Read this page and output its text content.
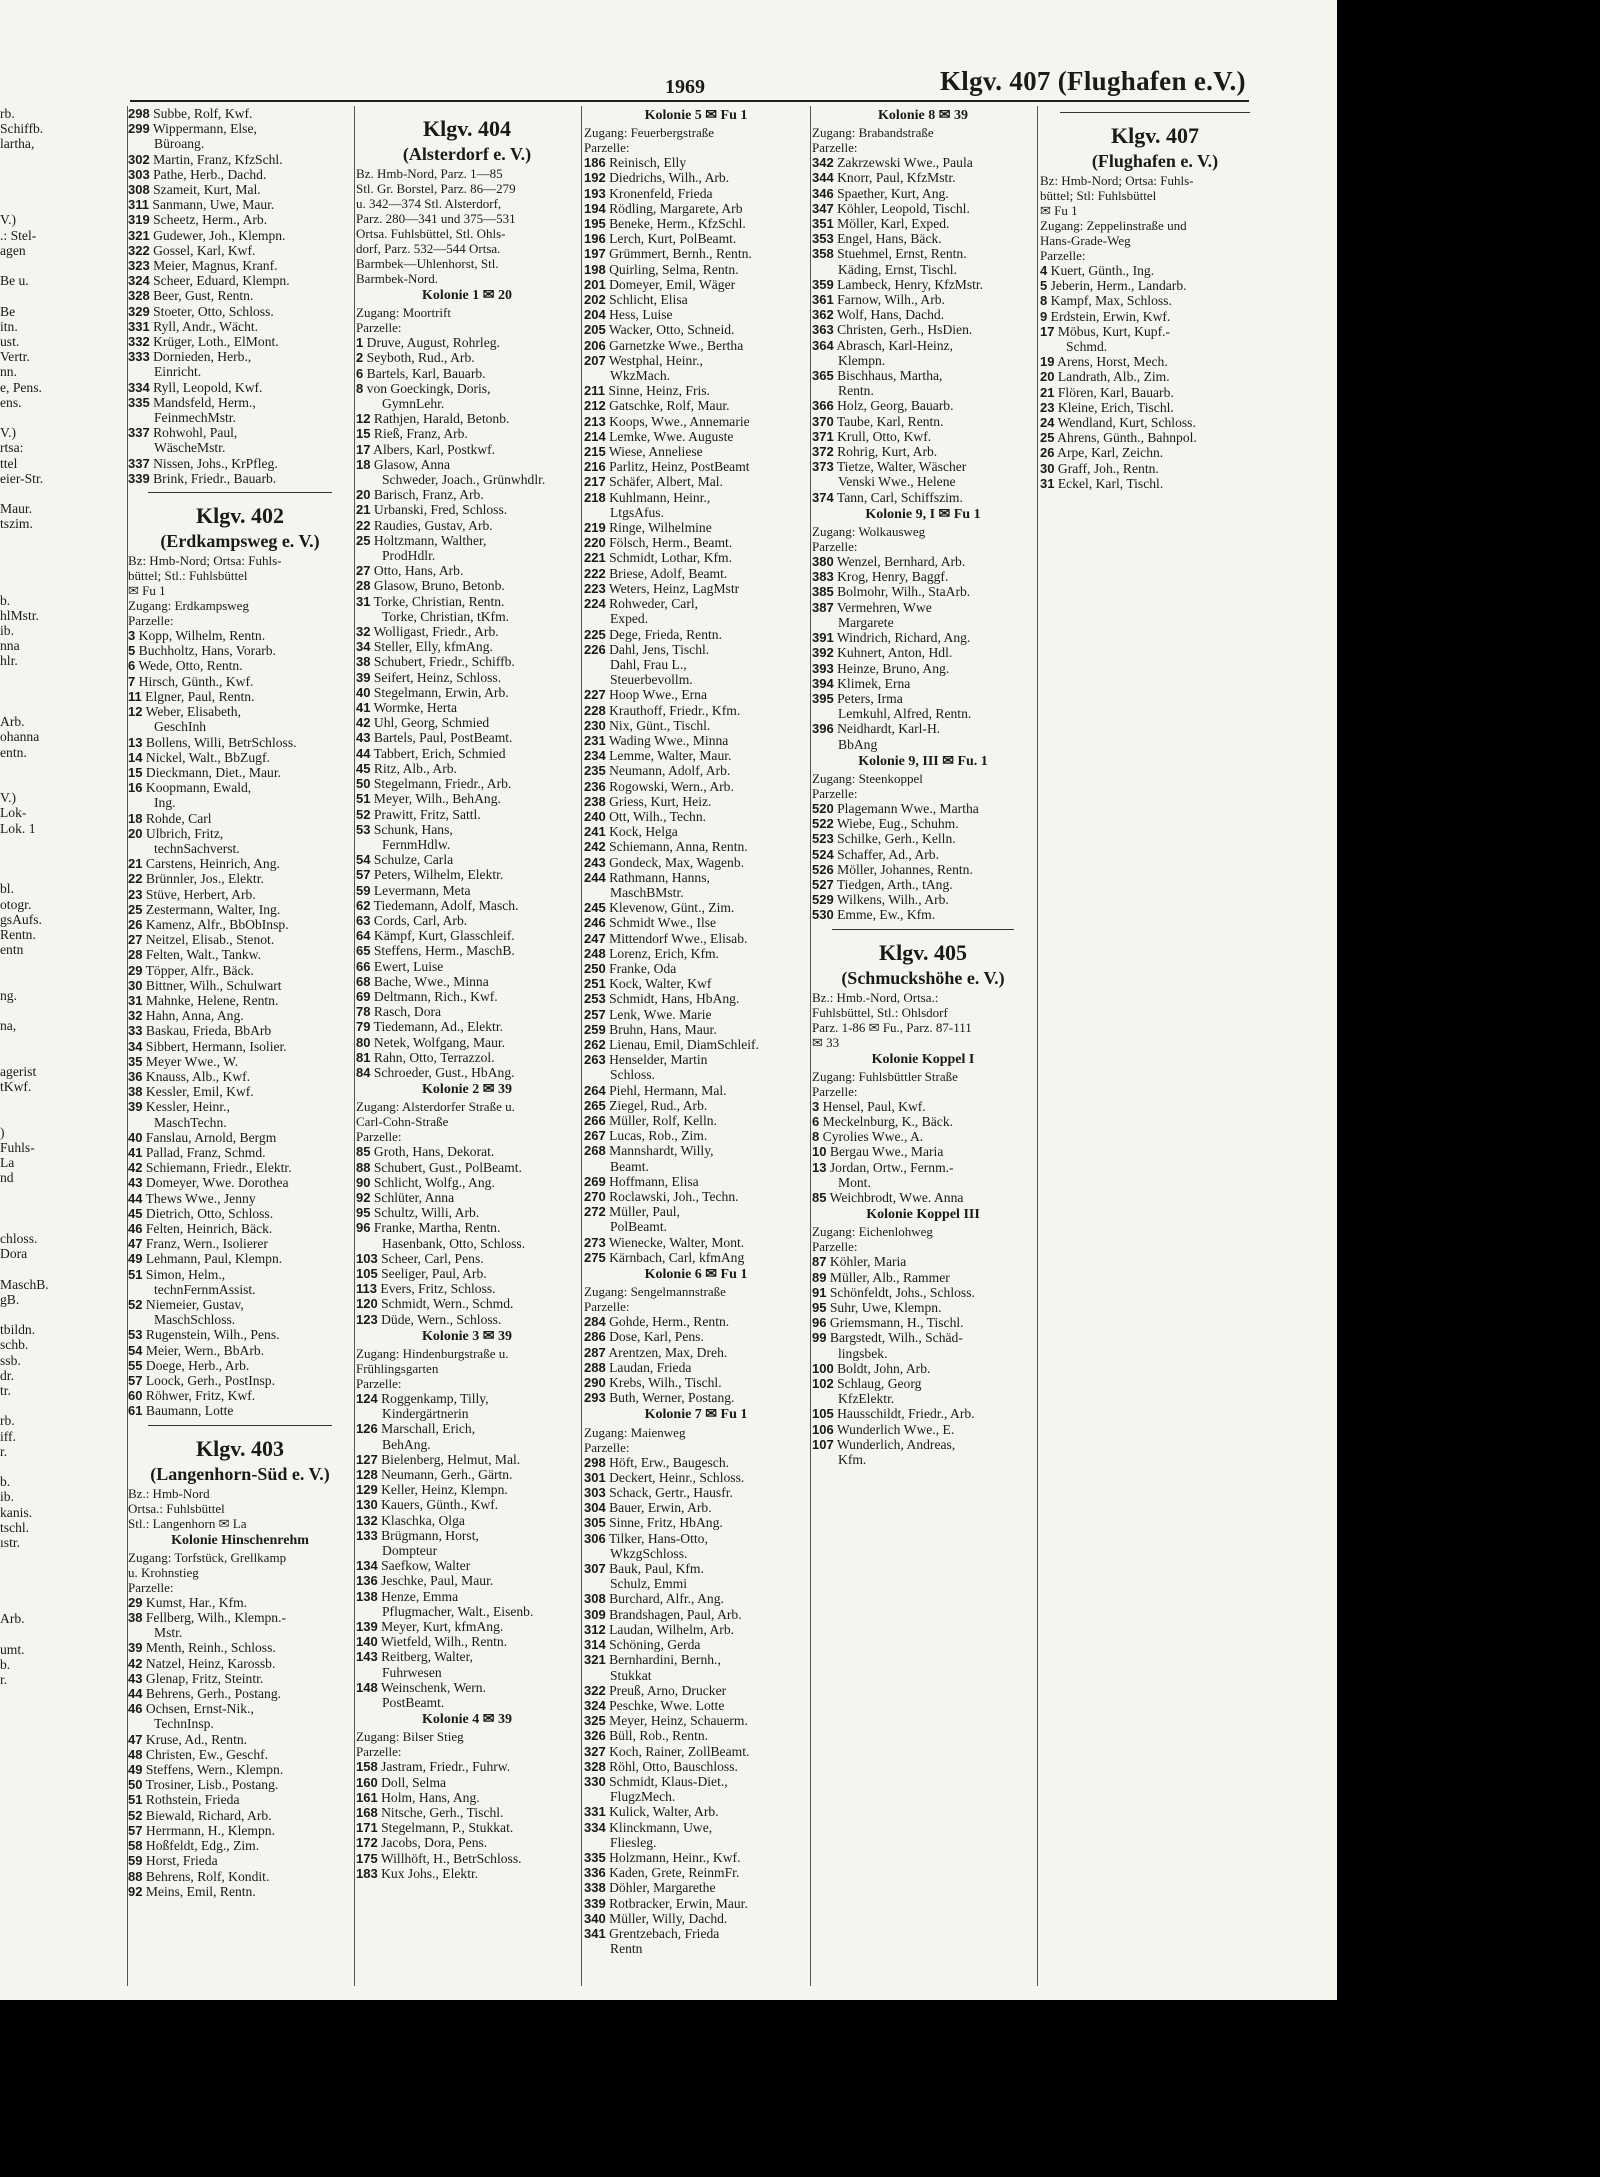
1969	Klgv. 407 (Flughafen e.V.)
rb.
Schiffb.
lartha,

V.)
.: Stel-
agen

Be u.

Be
itn.
ust.
Vertr.
nn.
e, Pens.
ens.

V.)
rtsa:
ttel
eier-Str.

Maur.
tszim.

b.
hlMstr.
ib.
nna
hlr.

Arb.
ohanna
entn.

V.)
Lok-
Lok. 1

bl.
otogr.
gsAufs.
Rentn.
entn

ng.

na,

agerist
tKwf.

)
Fuhls-
La
nd

chloss.
Dora

MaschB.
gB.

tbildn.
schb.
ssb.
dr.
tr.

rb.
iff.
r.

b.
ib.
kanis.
tschl.
ıstr.

Arb.

umt.
b.
r.
298 Subbe, Rolf, Kwf.
299 Wippermann, Else,
Büroang.
302 Martin, Franz, KfzSchl.
303 Pathe, Herb., Dachd.
308 Szameit, Kurt, Mal.
311 Sanmann, Uwe, Maur.
319 Scheetz, Herm., Arb.
321 Gudewer, Joh., Klempn.
322 Gossel, Karl, Kwf.
323 Meier, Magnus, Kranf.
324 Scheer, Eduard, Klempn.
328 Beer, Gust, Rentn.
329 Stoeter, Otto, Schloss.
331 Ryll, Andr., Wächt.
332 Krüger, Loth., ElMont.
333 Dornieden, Herb.,
Einricht.
334 Ryll, Leopold, Kwf.
335 Mandsfeld, Herm.,
FeinmechMstr.
337 Rohwohl, Paul,
WäscheMstr.
337 Nissen, Johs., KrPfleg.
339 Brink, Friedr., Bauarb.
Klgv. 402
(Erdkampsweg e. V.)
Bz: Hmb-Nord; Ortsa: Fuhls-
büttel; Stl.: Fuhlsbüttel
✉ Fu 1
Zugang: Erdkampsweg
Parzelle:
3 Kopp, Wilhelm, Rentn.
5 Buchholtz, Hans, Vorarb.
6 Wede, Otto, Rentn.
7 Hirsch, Günth., Kwf.
11 Elgner, Paul, Rentn.
12 Weber, Elisabeth,
GeschInh
13 Bollens, Willi, BetrSchloss.
14 Nickel, Walt., BbZugf.
15 Dieckmann, Diet., Maur.
16 Koopmann, Ewald,
Ing.
18 Rohde, Carl
20 Ulbrich, Fritz,
technSachverst.
21 Carstens, Heinrich, Ang.
22 Brünnler, Jos., Elektr.
23 Stüve, Herbert, Arb.
25 Zestermann, Walter, Ing.
26 Kamenz, Alfr., BbObInsp.
27 Neitzel, Elisab., Stenot.
28 Felten, Walt., Tankw.
29 Töpper, Alfr., Bäck.
30 Bittner, Wilh., Schulwart
31 Mahnke, Helene, Rentn.
32 Hahn, Anna, Ang.
33 Baskau, Frieda, BbArb
34 Sibbert, Hermann, Isolier.
35 Meyer Wwe., W.
36 Knauss, Alb., Kwf.
38 Kessler, Emil, Kwf.
39 Kessler, Heinr.,
MaschTechn.
40 Fanslau, Arnold, Bergm
41 Pallad, Franz, Schmd.
42 Schiemann, Friedr., Elektr.
43 Domeyer, Wwe. Dorothea
44 Thews Wwe., Jenny
45 Dietrich, Otto, Schloss.
46 Felten, Heinrich, Bäck.
47 Franz, Wern., Isolierer
49 Lehmann, Paul, Klempn.
51 Simon, Helm.,
technFernmAssist.
52 Niemeier, Gustav,
MaschSchloss.
53 Rugenstein, Wilh., Pens.
54 Meier, Wern., BbArb.
55 Doege, Herb., Arb.
57 Loock, Gerh., PostInsp.
60 Röhwer, Fritz, Kwf.
61 Baumann, Lotte
Klgv. 403
(Langenhorn-Süd e. V.)
Bz.: Hmb-Nord
Ortsa.: Fuhlsbüttel
Stl.: Langenhorn ✉ La
Kolonie Hinschenrehm
Zugang: Torfstück, Grellkamp
u. Krohnstieg
Parzelle:
29 Kumst, Har., Kfm.
38 Fellberg, Wilh., Klempn.-
Mstr.
39 Menth, Reinh., Schloss.
42 Natzel, Heinz, Karossb.
43 Glenap, Fritz, Steintr.
44 Behrens, Gerh., Postang.
46 Ochsen, Ernst-Nik.,
TechnInsp.
47 Kruse, Ad., Rentn.
48 Christen, Ew., Geschf.
49 Steffens, Wern., Klempn.
50 Trosiner, Lisb., Postang.
51 Rothstein, Frieda
52 Biewald, Richard, Arb.
57 Herrmann, H., Klempn.
58 Hoßfeldt, Edg., Zim.
59 Horst, Frieda
88 Behrens, Rolf, Kondit.
92 Meins, Emil, Rentn.
Klgv. 404
(Alsterdorf e. V.)
Bz. Hmb-Nord, Parz. 1—85
Stl. Gr. Borstel, Parz. 86—279
u. 342—374 Stl. Alsterdorf,
Parz. 280—341 und 375—531
Ortsa. Fuhlsbüttel, Stl. Ohls-
dorf, Parz. 532—544 Ortsa.
Barmbek—Uhlenhorst, Stl.
Barmbek-Nord.
Kolonie 1 ✉ 20
Zugang: Moortrift
Parzelle:
1 Druve, August, Rohrleg.
2 Seyboth, Rud., Arb.
6 Bartels, Karl, Bauarb.
8 von Goeckingk, Doris,
GymnLehr.
12 Rathjen, Harald, Betonb.
15 Rieß, Franz, Arb.
17 Albers, Karl, Postkwf.
18 Glasow, Anna
Schweder, Joach., Grünwhdlr.
20 Barisch, Franz, Arb.
21 Urbanski, Fred, Schloss.
22 Raudies, Gustav, Arb.
25 Holtzmann, Walther,
ProdHdlr.
27 Otto, Hans, Arb.
28 Glasow, Bruno, Betonb.
31 Torke, Christian, Rentn.
Torke, Christian, tKfm.
32 Wolligast, Friedr., Arb.
34 Steller, Elly, kfmAng.
38 Schubert, Friedr., Schiffb.
39 Seifert, Heinz, Schloss.
40 Stegelmann, Erwin, Arb.
41 Wormke, Herta
42 Uhl, Georg, Schmied
43 Bartels, Paul, PostBeamt.
44 Tabbert, Erich, Schmied
45 Ritz, Alb., Arb.
50 Stegelmann, Friedr., Arb.
51 Meyer, Wilh., BehAng.
52 Prawitt, Fritz, Sattl.
53 Schunk, Hans,
FernmHdlw.
54 Schulze, Carla
57 Peters, Wilhelm, Elektr.
59 Levermann, Meta
62 Tiedemann, Adolf, Masch.
63 Cords, Carl, Arb.
64 Kämpf, Kurt, Glasschleif.
65 Steffens, Herm., MaschB.
66 Ewert, Luise
68 Bache, Wwe., Minna
69 Deltmann, Rich., Kwf.
78 Rasch, Dora
79 Tiedemann, Ad., Elektr.
80 Netek, Wolfgang, Maur.
81 Rahn, Otto, Terrazzol.
84 Schroeder, Gust., HbAng.
Kolonie 2 ✉ 39
Zugang: Alsterdorfer Straße u.
Carl-Cohn-Straße
Parzelle:
85 Groth, Hans, Dekorat.
88 Schubert, Gust., PolBeamt.
90 Schlicht, Wolfg., Ang.
92 Schlüter, Anna
95 Schultz, Willi, Arb.
96 Franke, Martha, Rentn.
Hasenbank, Otto, Schloss.
103 Scheer, Carl, Pens.
105 Seeliger, Paul, Arb.
113 Evers, Fritz, Schloss.
120 Schmidt, Wern., Schmd.
123 Düde, Wern., Schloss.
Kolonie 3 ✉ 39
Zugang: Hindenburgstraße u.
Frühlingsgarten
Parzelle:
124 Roggenkamp, Tilly,
Kindergärtnerin
126 Marschall, Erich,
BehAng.
127 Bielenberg, Helmut, Mal.
128 Neumann, Gerh., Gärtn.
129 Keller, Heinz, Klempn.
130 Kauers, Günth., Kwf.
132 Klaschka, Olga
133 Brügmann, Horst,
Dompteur
134 Saefkow, Walter
136 Jeschke, Paul, Maur.
138 Henze, Emma
Pflugmacher, Walt., Eisenb.
139 Meyer, Kurt, kfmAng.
140 Wietfeld, Wilh., Rentn.
143 Reitberg, Walter,
Fuhrwesen
148 Weinschenk, Wern.
PostBeamt.
Kolonie 4 ✉ 39
Zugang: Bilser Stieg
Parzelle:
158 Jastram, Friedr., Fuhrw.
160 Doll, Selma
161 Holm, Hans, Ang.
168 Nitsche, Gerh., Tischl.
171 Stegelmann, P., Stukkat.
172 Jacobs, Dora, Pens.
175 Willhöft, H., BetrSchloss.
183 Kux Johs., Elektr.
Kolonie 5 ✉ Fu 1
Zugang: Feuerbergstraße
Parzelle:
186 Reinisch, Elly
192 Diedrichs, Wilh., Arb.
193 Kronenfeld, Frieda
194 Rödling, Margarete, Arb
195 Beneke, Herm., KfzSchl.
196 Lerch, Kurt, PolBeamt.
197 Grümmert, Bernh., Rentn.
198 Quirling, Selma, Rentn.
201 Domeyer, Emil, Wäger
202 Schlicht, Elisa
204 Hess, Luise
205 Wacker, Otto, Schneid.
206 Garnetzke Wwe., Bertha
207 Westphal, Heinr.,
WkzMach.
211 Sinne, Heinz, Fris.
212 Gatschke, Rolf, Maur.
213 Koops, Wwe., Annemarie
214 Lemke, Wwe. Auguste
215 Wiese, Anneliese
216 Parlitz, Heinz, PostBeamt
217 Schäfer, Albert, Mal.
218 Kuhlmann, Heinr.,
LtgsAfus.
219 Ringe, Wilhelmine
220 Fölsch, Herm., Beamt.
221 Schmidt, Lothar, Kfm.
222 Briese, Adolf, Beamt.
223 Weters, Heinz, LagMstr
224 Rohweder, Carl,
Exped.
225 Dege, Frieda, Rentn.
226 Dahl, Jens, Tischl.
Dahl, Frau L.,
Steuerbevollm.
227 Hoop Wwe., Erna
228 Krauthoff, Friedr., Kfm.
230 Nix, Günt., Tischl.
231 Wading Wwe., Minna
234 Lemme, Walter, Maur.
235 Neumann, Adolf, Arb.
236 Rogowski, Wern., Arb.
238 Griess, Kurt, Heiz.
240 Ott, Wilh., Techn.
241 Kock, Helga
242 Schiemann, Anna, Rentn.
243 Gondeck, Max, Wagenb.
244 Rathmann, Hanns,
MaschBMstr.
245 Klevenow, Günt., Zim.
246 Schmidt Wwe., Ilse
247 Mittendorf Wwe., Elisab.
248 Lorenz, Erich, Kfm.
250 Franke, Oda
251 Kock, Walter, Kwf
253 Schmidt, Hans, HbAng.
257 Lenk, Wwe. Marie
259 Bruhn, Hans, Maur.
262 Lienau, Emil, DiamSchleif.
263 Henselder, Martin
Schloss.
264 Piehl, Hermann, Mal.
265 Ziegel, Rud., Arb.
266 Müller, Rolf, Kelln.
267 Lucas, Rob., Zim.
268 Mannshardt, Willy,
Beamt.
269 Hoffmann, Elisa
270 Roclawski, Joh., Techn.
272 Müller, Paul,
PolBeamt.
273 Wienecke, Walter, Mont.
275 Kärnbach, Carl, kfmAng
Kolonie 6 ✉ Fu 1
Zugang: Sengelmannstraße
Parzelle:
284 Gohde, Herm., Rentn.
286 Dose, Karl, Pens.
287 Arentzen, Max, Dreh.
288 Laudan, Frieda
290 Krebs, Wilh., Tischl.
293 Buth, Werner, Postang.
Kolonie 7 ✉ Fu 1
Zugang: Maienweg
Parzelle:
298 Höft, Erw., Baugesch.
301 Deckert, Heinr., Schloss.
303 Schack, Gertr., Hausfr.
304 Bauer, Erwin, Arb.
305 Sinne, Fritz, HbAng.
306 Tilker, Hans-Otto,
WkzgSchloss.
307 Bauk, Paul, Kfm.
Schulz, Emmi
308 Burchard, Alfr., Ang.
309 Brandshagen, Paul, Arb.
312 Laudan, Wilhelm, Arb.
314 Schöning, Gerda
321 Bernhardini, Bernh.,
Stukkat
322 Preuß, Arno, Drucker
324 Peschke, Wwe. Lotte
325 Meyer, Heinz, Schauerm.
326 Büll, Rob., Rentn.
327 Koch, Rainer, ZollBeamt.
328 Röhl, Otto, Bauschloss.
330 Schmidt, Klaus-Diet.,
FlugzMech.
331 Kulick, Walter, Arb.
334 Klinckmann, Uwe,
Fliesleg.
335 Holzmann, Heinr., Kwf.
336 Kaden, Grete, ReinmFr.
338 Döhler, Margarethe
339 Rotbracker, Erwin, Maur.
340 Müller, Willy, Dachd.
341 Grentzebach, Frieda
Rentn
Kolonie 8 ✉ 39
Zugang: Brabandstraße
Parzelle:
342 Zakrzewski Wwe., Paula
344 Knorr, Paul, KfzMstr.
346 Spaether, Kurt, Ang.
347 Köhler, Leopold, Tischl.
351 Möller, Karl, Exped.
353 Engel, Hans, Bäck.
358 Stuehmel, Ernst, Rentn.
Käding, Ernst, Tischl.
359 Lambeck, Henry, KfzMstr.
361 Farnow, Wilh., Arb.
362 Wolf, Hans, Dachd.
363 Christen, Gerh., HsDien.
364 Abrasch, Karl-Heinz,
Klempn.
365 Bischhaus, Martha,
Rentn.
366 Holz, Georg, Bauarb.
370 Taube, Karl, Rentn.
371 Krull, Otto, Kwf.
372 Rohrig, Kurt, Arb.
373 Tietze, Walter, Wäscher
Venski Wwe., Helene
374 Tann, Carl, Schiffszim.
Kolonie 9, I ✉ Fu 1
Zugang: Wolkausweg
Parzelle:
380 Wenzel, Bernhard, Arb.
383 Krog, Henry, Baggf.
385 Bolmohr, Wilh., StaArb.
387 Vermehren, Wwe
Margarete
391 Windrich, Richard, Ang.
392 Kuhnert, Anton, Hdl.
393 Heinze, Bruno, Ang.
394 Klimek, Erna
395 Peters, Irma
Lemkuhl, Alfred, Rentn.
396 Neidhardt, Karl-H.
BbAng
Kolonie 9, III ✉ Fu. 1
Zugang: Steenkoppel
Parzelle:
520 Plagemann Wwe., Martha
522 Wiebe, Eug., Schuhm.
523 Schilke, Gerh., Kelln.
524 Schaffer, Ad., Arb.
526 Möller, Johannes, Rentn.
527 Tiedgen, Arth., tAng.
529 Wilkens, Wilh., Arb.
530 Emme, Ew., Kfm.
Klgv. 405
(Schmuckshöhe e. V.)
Bz.: Hmb.-Nord, Ortsa.:
Fuhlsbüttel, Stl.: Ohlsdorf
Parz. 1-86 ✉ Fu., Parz. 87-111
✉ 33
Kolonie Koppel I
Zugang: Fuhlsbüttler Straße
Parzelle:
3 Hensel, Paul, Kwf.
6 Meckelnburg, K., Bäck.
8 Cyrolies Wwe., A.
10 Bergau Wwe., Maria
13 Jordan, Ortw., Fernm.-
Mont.
85 Weichbrodt, Wwe. Anna
Kolonie Koppel III
Zugang: Eichenlohweg
Parzelle:
87 Köhler, Maria
89 Müller, Alb., Rammer
91 Schönfeldt, Johs., Schloss.
95 Suhr, Uwe, Klempn.
96 Griemsmann, H., Tischl.
99 Bargstedt, Wilh., Schäd-
lingsbek.
100 Boldt, John, Arb.
102 Schlaug, Georg
KfzElektr.
105 Hausschildt, Friedr., Arb.
106 Wunderlich Wwe., E.
107 Wunderlich, Andreas,
Kfm.
Klgv. 407
(Flughafen e. V.)
Bz: Hmb-Nord; Ortsa: Fuhls-
büttel; Stl: Fuhlsbüttel
✉ Fu 1
Zugang: Zeppelinstraße und
Hans-Grade-Weg
Parzelle:
4 Kuert, Günth., Ing.
5 Jeberin, Herm., Landarb.
8 Kampf, Max, Schloss.
9 Erdstein, Erwin, Kwf.
17 Möbus, Kurt, Kupf.-
Schmd.
19 Arens, Horst, Mech.
20 Landrath, Alb., Zim.
21 Flören, Karl, Bauarb.
23 Kleine, Erich, Tischl.
24 Wendland, Kurt, Schloss.
25 Ahrens, Günth., Bahnpol.
26 Arpe, Karl, Zeichn.
30 Graff, Joh., Rentn.
31 Eckel, Karl, Tischl.
